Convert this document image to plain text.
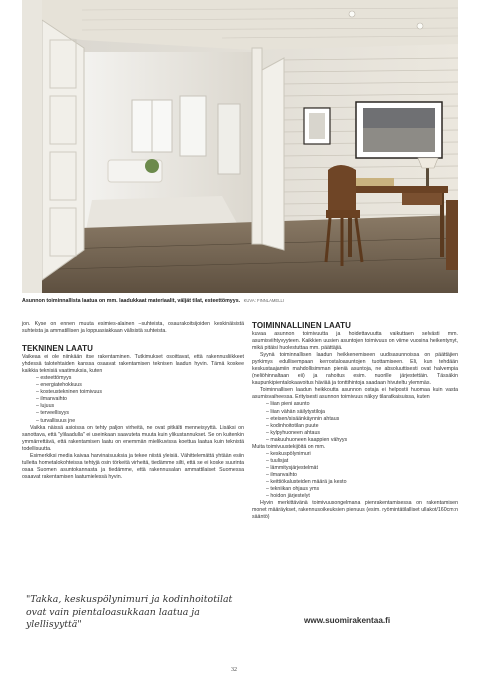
Asunnon toiminnallista laatua on mm. laadukkaat materiaalit, väljät tilat, esteettömyys. KUVA: FINNLAMELLI

jon. Kyse on ennen muuta esimies-alainen –suhteista, osaurakoitsijoiden keskinäisistä suhteista ja ammatillisen ja loppuasiakkaan välisistä suhteista.

TEKNINEN LAATU

Vaikeaa ei ole niinkään itse rakentaminen. Tutkimukset osoittavat, että rakennusliikkeet yhdessä talotehtaiden kanssa osaavat rakentamisen teknisen laadun hyvin. Tämä koskee kaikkia teknisiä vaatimuksia, kuten

– esteettömyys
– energiatehokkuus
– kosteustekninen toimivuus
– ilmanvaihto
– lujuus
– terveellisyys
– turvallisuus jne

Vaikka näissä asioissa on tehty paljon virheitä, ne ovat pitkälti menneisyyttä. Lisäksi on sanottava, että "ylilaadulla" ei useinkaan saavuteta muuta kuin ylikustannukset. Se on kuitenkin ymmärrettävä, että rakentamisen laatu on enemmän mielikuvissa koettua laatua kuin teknistä todellisuutta.

Esimerkiksi media kaivaa harvinaisuuksia ja tekee niistä yleisiä. Vähittelemättä yhtään esiin tulleita hometalokohteissa tehtyjä osin törkeitä virheitä, tiedämme silti, että se ei koske suurinta osaa Suomen asuntokannasta ja tiedämme, että rakennusalan ammattilaiset Suomessa osaavat rakentamisen laatumielessä hyvin.

"Takka, keskuspölynimuri ja kodinhoitotilat ovat vain pientaloasukkaan laatua ja ylellisyyttä"
TOIMINNALLINEN LAATU

kuvaa asunnon toimivuutta ja hoidettavuutta vaikuttaen selvästi mm. asumisviihtyvyyteen. Kaikkien uusien asuntojen toimivuus on viime vuosina heikentynyt, mikä pitäisi huolestuttaa mm. päättäjiä.

Syynä toiminnallisen laadun heikkenemiseen uudisasunnoissa on päättäjien pyrkimys edullisempaan kerrostaloasuntojen tuottamiseen. Eli, kun tehdään keskustaajamiin mahdollisimman pieniä asuntoja, ne absoluuttisesti ovat halvempia (neliöhinnaltaan eii) ja rahoitus esim. nuorille järjestettäin. Tässäkin kaupunkipientalokaavoitus häviää ja tonttihintoja saadaan hivuteltu ylemmäs.

Toiminnallisen laadun heikkoutta asunnon ostaja ei helpostii huomaa kuin vasta asumisvaiheessa. Erityisesti asunnon toimivuus näkyy tilaratkaisuissa, kuten

– liian pieni asunto
– liian vähän säilytystiloja
– eteisen/sisäänkäynnin ahtaus
– kodinhoitotilan puute
– kylpyhuoneen ahtaus
– makuuhuoneen kaappien vähyys

Muita toimivuustekijöitä on mm.

– keskuspölynimuri
– tuulisjat
– lämmitysjärjestelmät
– ilmanvaihto
– keittiökalusteiden määrä ja kesto
– tekniikan ohjaus yms
– hoidon järjestelyt

Hyvin merkittävänä toimivuusongelmana pienrakentamisessa on rakentamisen monet määräykset, rakennusoikeuksien pienuus (esim. ryömintätilalliset ullakot/160cm:n sääntö)

www.suomirakentaa.fi
32
